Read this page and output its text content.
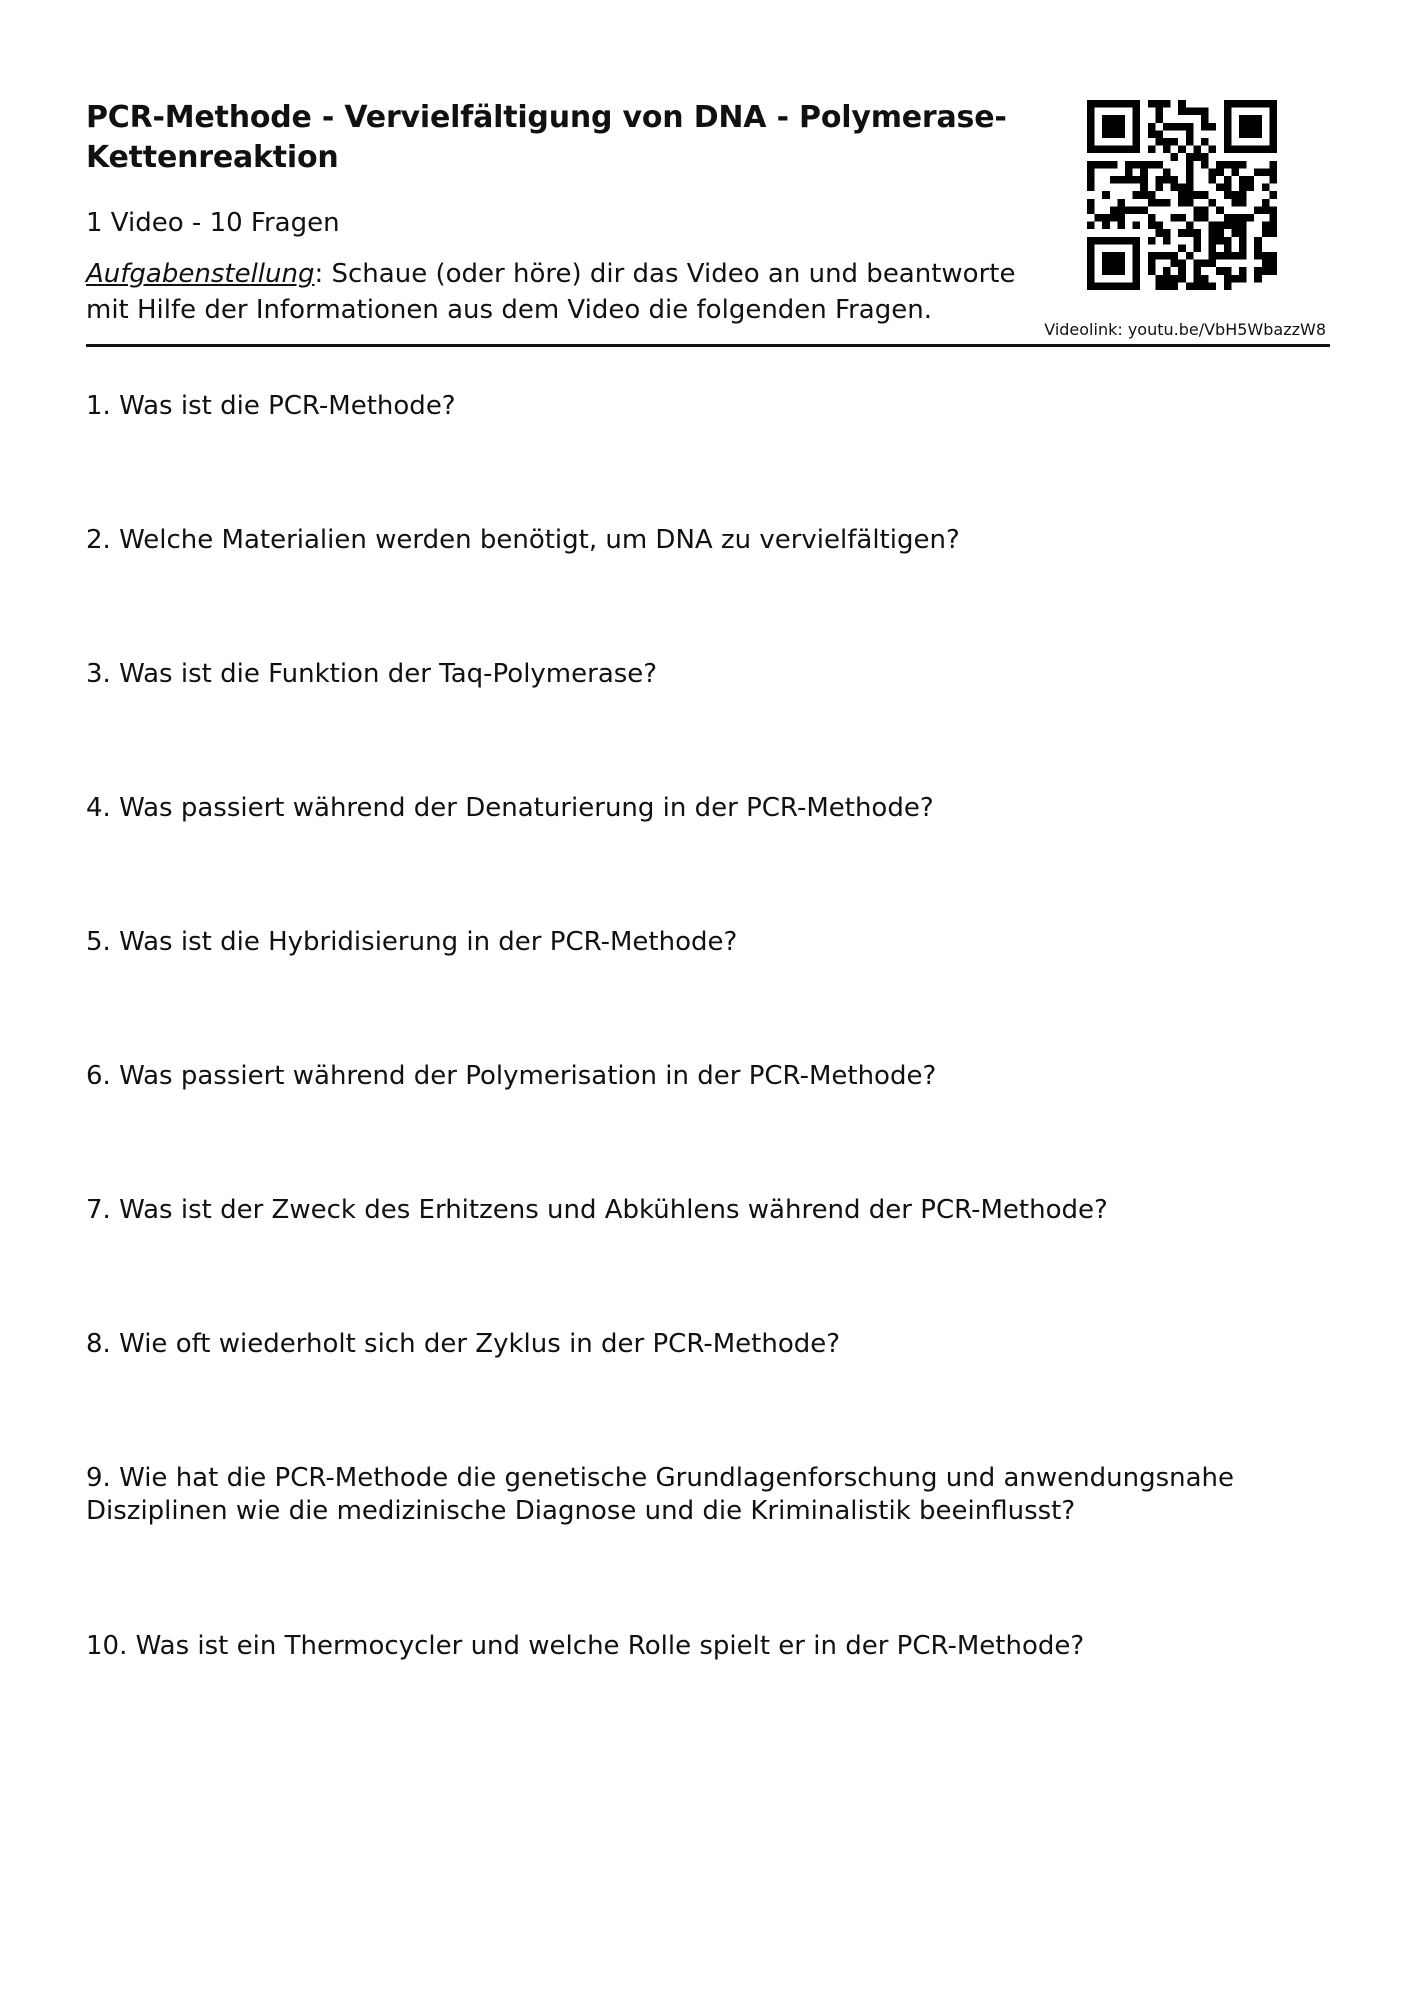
PCR-Methode - Vervielfältigung von DNA - Polymerase-Kettenreaktion
1 Video - 10 Fragen
Aufgabenstellung: Schaue (oder höre) dir das Video an und beantworte mit Hilfe der Informationen aus dem Video die folgenden Fragen.
Videolink: youtu.be/VbH5WbazzW8
1. Was ist die PCR-Methode?
2. Welche Materialien werden benötigt, um DNA zu vervielfältigen?
3. Was ist die Funktion der Taq-Polymerase?
4. Was passiert während der Denaturierung in der PCR-Methode?
5. Was ist die Hybridisierung in der PCR-Methode?
6. Was passiert während der Polymerisation in der PCR-Methode?
7. Was ist der Zweck des Erhitzens und Abkühlens während der PCR-Methode?
8. Wie oft wiederholt sich der Zyklus in der PCR-Methode?
9. Wie hat die PCR-Methode die genetische Grundlagenforschung und anwendungsnahe Disziplinen wie die medizinische Diagnose und die Kriminalistik beeinflusst?
10. Was ist ein Thermocycler und welche Rolle spielt er in der PCR-Methode?
